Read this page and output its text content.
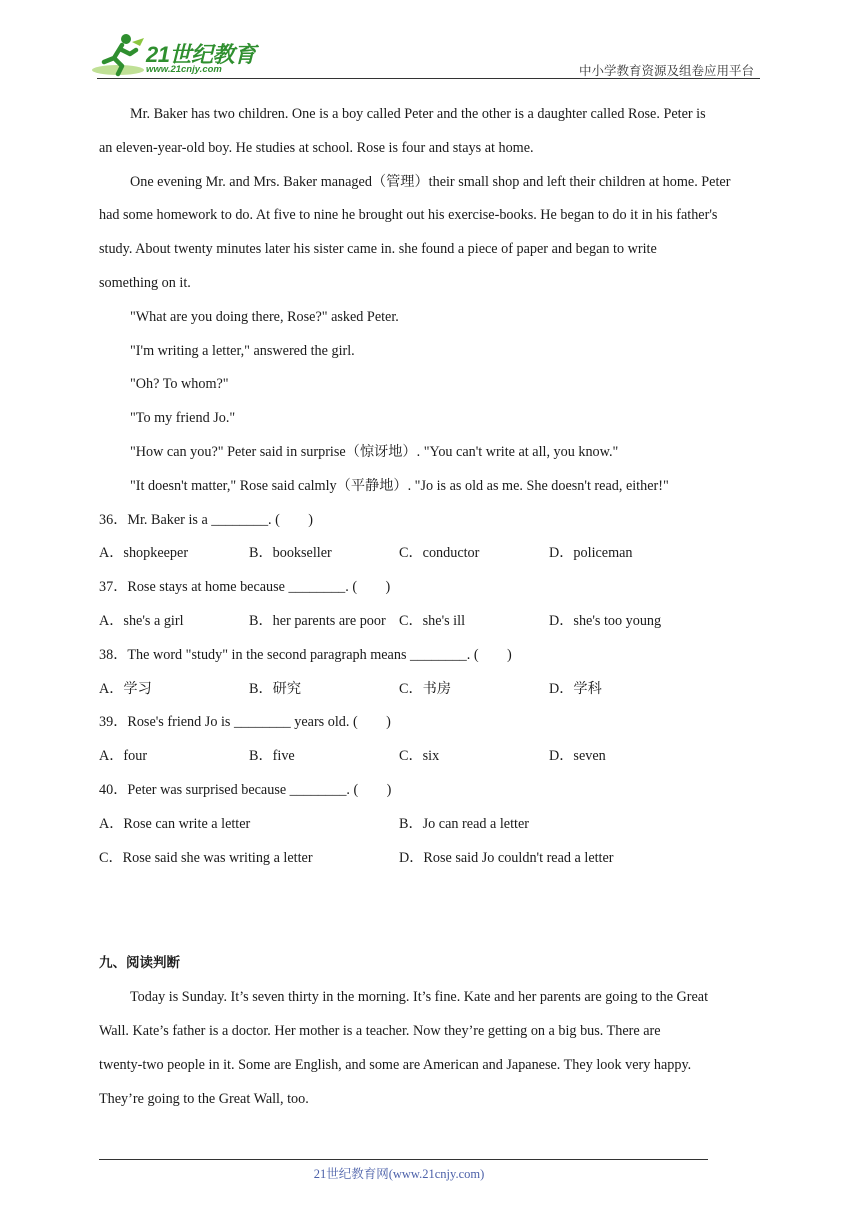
21世纪教育
www.21cnjy.com	中小学教育资源及组卷应用平台
Mr. Baker has two children. One is a boy called Peter and the other is a daughter called Rose. Peter is
an eleven-year-old boy. He studies at school. Rose is four and stays at home.
One evening Mr. and Mrs. Baker managed（管理）their small shop and left their children at home. Peter
had some homework to do. At five to nine he brought out his exercise-books. He began to do it in his father's
study. About twenty minutes later his sister came in. she found a piece of paper and began to write
something on it.
"What are you doing there, Rose?" asked Peter.
"I'm writing a letter," answered the girl.
"Oh? To whom?"
"To my friend Jo."
"How can you?" Peter said in surprise（惊讶地）. "You can't write at all, you know."
"It doesn't matter," Rose said calmly（平静地）. "Jo is as old as me. She doesn't read, either!"
36．Mr. Baker is a ________. (　　)
A．shopkeeper	B．bookseller	C．conductor	D．policeman
37．Rose stays at home because ________. (　　)
A．she's a girl	B．her parents are poor C．she's ill	D．she's too young
38．The word "study" in the second paragraph means ________. (　　)
A．学习	B．研究	C．书房	D．学科
39．Rose's friend Jo is ________ years old. (　　)
A．four	B．five	C．six	D．seven
40．Peter was surprised because ________. (　　)
A．Rose can write a letter	B．Jo can read a letter
C．Rose said she was writing a letter	D．Rose said Jo couldn't read a letter
九、阅读判断
Today is Sunday. It’s seven thirty in the morning. It’s fine. Kate and her parents are going to the Great
Wall. Kate’s father is a doctor. Her mother is a teacher. Now they’re getting on a big bus. There are
twenty-two people in it. Some are English, and some are American and Japanese. They look very happy.
They’re going to the Great Wall, too.
21世纪教育网(www.21cnjy.com)
